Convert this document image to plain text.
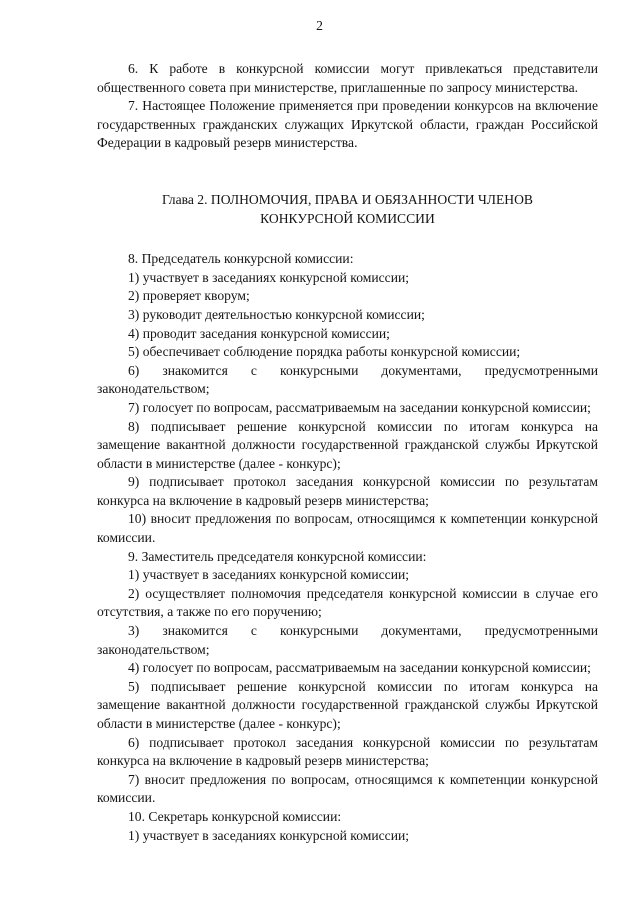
2

6. К работе в конкурсной комиссии могут привлекаться представители общественного совета при министерстве, приглашенные по запросу министерства.

7. Настоящее Положение применяется при проведении конкурсов на включение государственных гражданских служащих Иркутской области, граждан Российской Федерации в кадровый резерв министерства.

Глава 2. ПОЛНОМОЧИЯ, ПРАВА И ОБЯЗАННОСТИ ЧЛЕНОВ
КОНКУРСНОЙ КОМИССИИ

8. Председатель конкурсной комиссии:

1) участвует в заседаниях конкурсной комиссии;

2) проверяет кворум;

3) руководит деятельностью конкурсной комиссии;

4) проводит заседания конкурсной комиссии;

5) обеспечивает соблюдение порядка работы конкурсной комиссии;

6) знакомится с конкурсными документами, предусмотренными законодательством;

7) голосует по вопросам, рассматриваемым на заседании конкурсной комиссии;

8) подписывает решение конкурсной комиссии по итогам конкурса на замещение вакантной должности государственной гражданской службы Иркутской области в министерстве (далее - конкурс);

9) подписывает протокол заседания конкурсной комиссии по результатам конкурса на включение в кадровый резерв министерства;

10) вносит предложения по вопросам, относящимся к компетенции конкурсной комиссии.

9. Заместитель председателя конкурсной комиссии:

1) участвует в заседаниях конкурсной комиссии;

2) осуществляет полномочия председателя конкурсной комиссии в случае его отсутствия, а также по его поручению;

3) знакомится с конкурсными документами, предусмотренными законодательством;

4) голосует по вопросам, рассматриваемым на заседании конкурсной комиссии;

5) подписывает решение конкурсной комиссии по итогам конкурса на замещение вакантной должности государственной гражданской службы Иркутской области в министерстве (далее - конкурс);

6) подписывает протокол заседания конкурсной комиссии по результатам конкурса на включение в кадровый резерв министерства;

7) вносит предложения по вопросам, относящимся к компетенции конкурсной комиссии.

10. Секретарь конкурсной комиссии:

1) участвует в заседаниях конкурсной комиссии;
